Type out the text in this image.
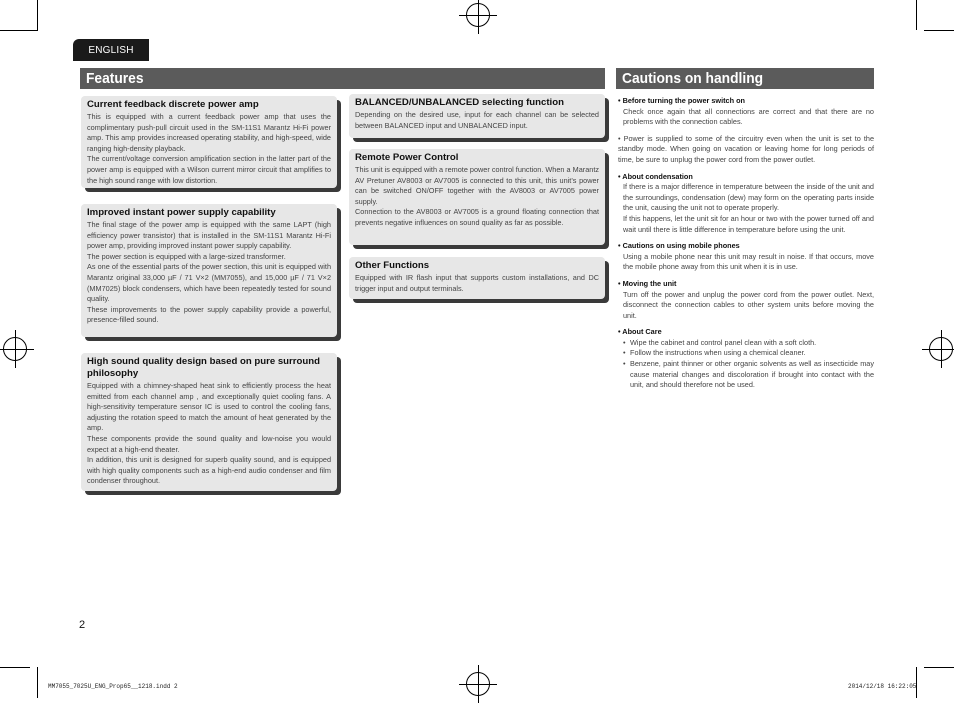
ENGLISH
Features
Current feedback discrete power amp

This is equipped with a current feedback power amp that uses the complimentary push-pull circuit used in the SM-11S1 Marantz Hi-Fi power amp. This amp provides increased operating stability, and high-speed, wide ranging high-density playback.

The current/voltage conversion amplification section in the latter part of the power amp is equipped with a Wilson current mirror circuit that amplifies to the high sound range with low distortion.

Improved instant power supply capability

The final stage of the power amp is equipped with the same LAPT (high efficiency power transistor) that is installed in the SM-11S1 Marantz Hi-Fi power amp, providing improved instant power supply capability.

The power section is equipped with a large-sized transformer.

As one of the essential parts of the power section, this unit is equipped with Marantz original 33,000 µF / 71 V×2 (MM7055), and 15,000 µF / 71 V×2 (MM7025) block condensers, which have been repeatedly tested for sound quality.

These improvements to the power supply capability provide a powerful, presence-filled sound.

High sound quality design based on pure surround philosophy

Equipped with a chimney-shaped heat sink to efficiently process the heat emitted from each channel amp , and exceptionally quiet cooling fans. A high-sensitivity temperature sensor IC is used to control the cooling fans, adjusting the rotation speed to match the amount of heat generated by the amp.

These components provide the sound quality and low-noise you would expect at a high-end theater.

In addition, this unit is designed for superb quality sound, and is equipped with high quality components such as a high-end audio condenser and film condenser throughout.

BALANCED/UNBALANCED selecting function

Depending on the desired use, input for each channel can be selected between BALANCED input and UNBALANCED input.

Remote Power Control

This unit is equipped with a remote power control function. When a Marantz AV Pretuner AV8003 or AV7005 is connected to this unit, this unit’s power can be switched ON/OFF together with the AV8003 or AV7005 power supply.

Connection to the AV8003 or AV7005 is a ground floating connection that prevents negative influences on sound quality as far as possible.

Other Functions

Equipped with IR flash input that supports custom installations, and DC trigger input and output terminals.

Cautions on handling
• Before turning the power switch on

Check once again that all connections are correct and that there are no problems with the connection cables.

• Power is supplied to some of the circuitry even when the unit is set to the standby mode. When going on vacation or leaving home for long periods of time, be sure to unplug the power cord from the power outlet.

• About condensation

If there is a major difference in temperature between the inside of the unit and the surroundings, condensation (dew) may form on the operating parts inside the unit, causing the unit not to operate properly.

If this happens, let the unit sit for an hour or two with the power turned off and wait until there is little difference in temperature before using the unit.

• Cautions on using mobile phones

Using a mobile phone near this unit may result in noise. If that occurs, move the mobile phone away from this unit when it is in use.

• Moving the unit

Turn off the power and unplug the power cord from the power outlet. Next, disconnect the connection cables to other system units before moving the unit.

• About Care
• Wipe the cabinet and control panel clean with a soft cloth.
• Follow the instructions when using a chemical cleaner.
• Benzene, paint thinner or other organic solvents as well as insecticide may cause material changes and discoloration if brought into contact with the unit, and should therefore not be used.
2
MM7055_7025U_ENG_Prop65__1218.indd 2	2014/12/18 16:22:05
